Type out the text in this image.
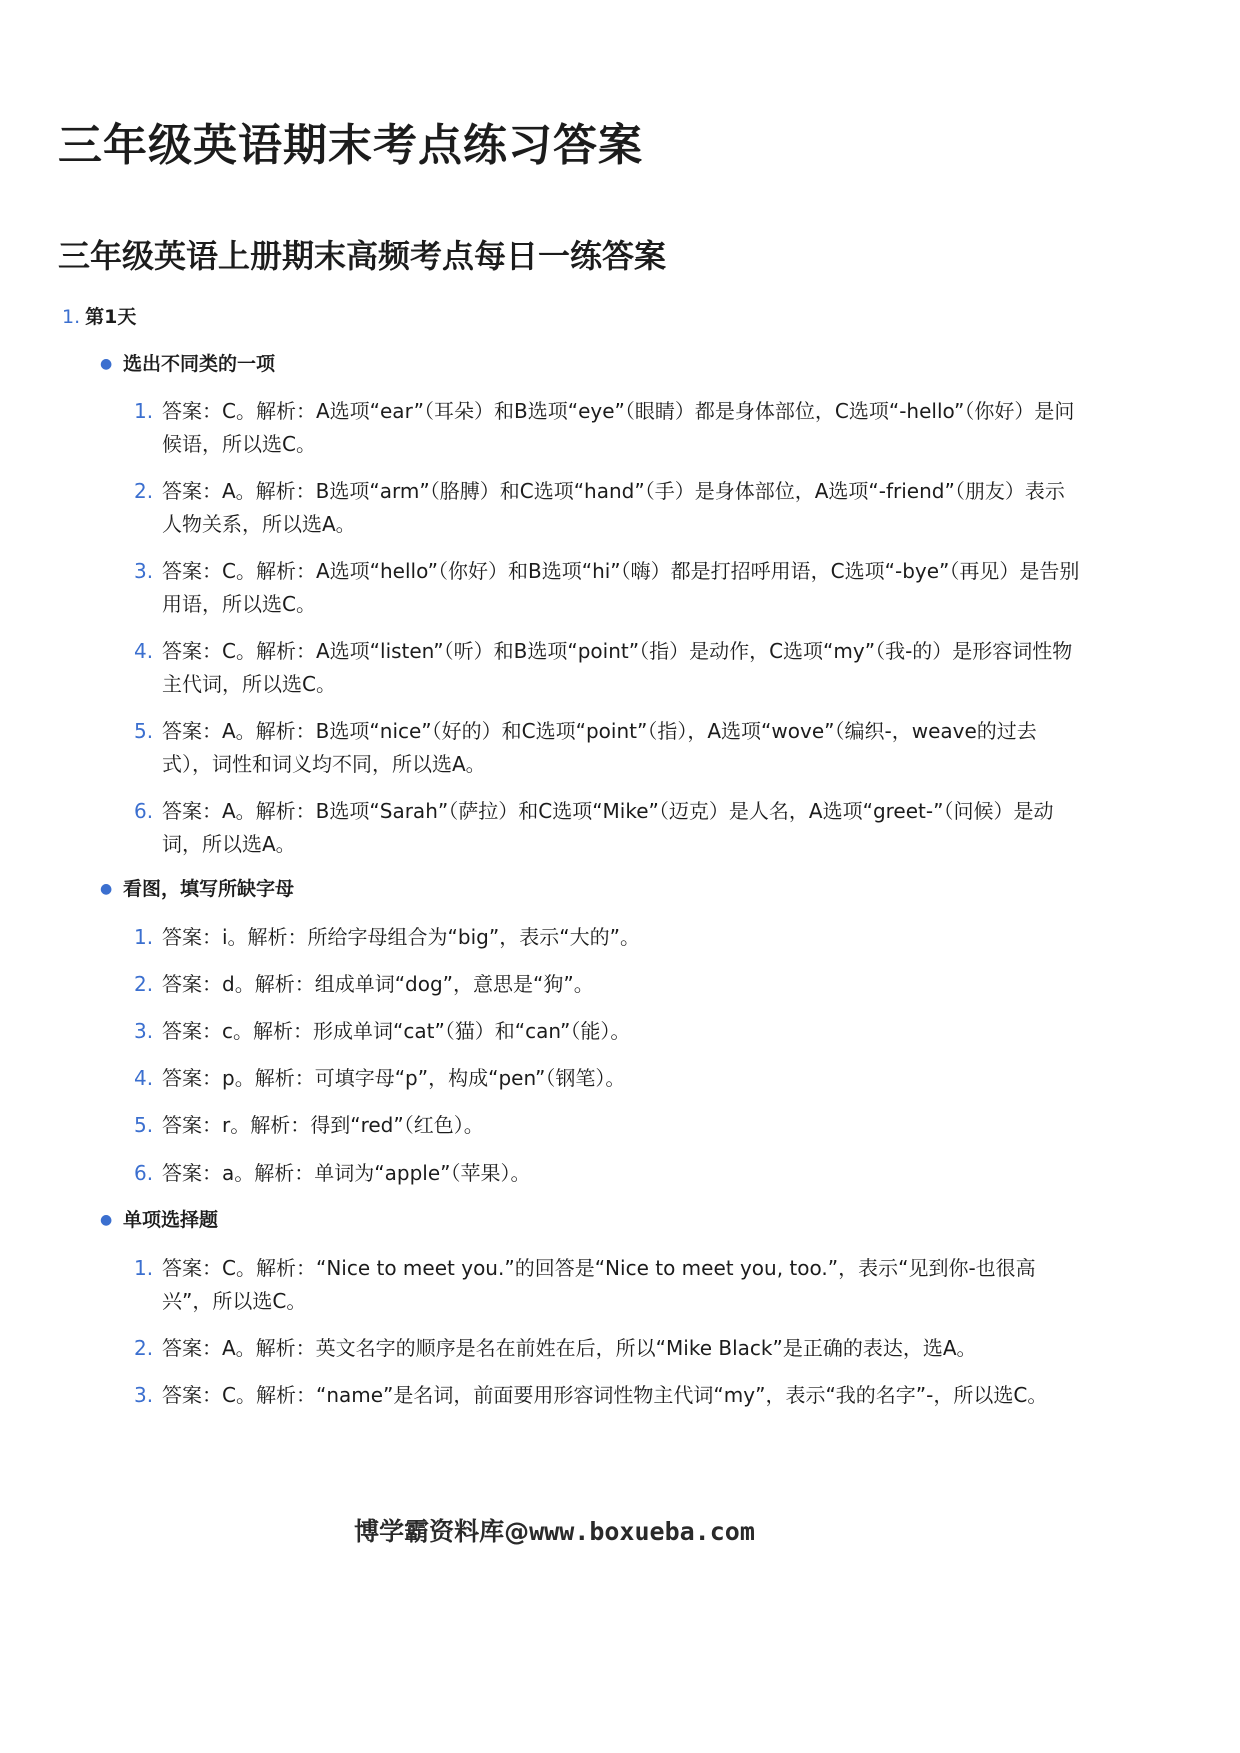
三年级英语期末考点练习答案
三年级英语上册期末高频考点每日一练答案
1. 第1天
● 选出不同类的一项
1. 答案：C。解析：A选项“ear”（耳朵）和B选项“eye”（眼睛）都是身体部位，C选项“-hello”（你好）是问候语，所以选C。
2. 答案：A。解析：B选项“arm”（胳膊）和C选项“hand”（手）是身体部位，A选项“-friend”（朋友）表示人物关系，所以选A。
3. 答案：C。解析：A选项“hello”（你好）和B选项“hi”（嗨）都是打招呼用语，C选项“-bye”（再见）是告别用语，所以选C。
4. 答案：C。解析：A选项“listen”（听）和B选项“point”（指）是动作，C选项“my”（我-的）是形容词性物主代词，所以选C。
5. 答案：A。解析：B选项“nice”（好的）和C选项“point”（指），A选项“wove”（编织-，weave的过去式），词性和词义均不同，所以选A。
6. 答案：A。解析：B选项“Sarah”（萨拉）和C选项“Mike”（迈克）是人名，A选项“greet-”（问候）是动词，所以选A。
● 看图，填写所缺字母
1. 答案：i。解析：所给字母组合为“big”，表示“大的”。
2. 答案：d。解析：组成单词“dog”，意思是“狗”。
3. 答案：c。解析：形成单词“cat”（猫）和“can”（能）。
4. 答案：p。解析：可填字母“p”，构成“pen”（钢笔）。
5. 答案：r。解析：得到“red”（红色）。
6. 答案：a。解析：单词为“apple”（苹果）。
● 单项选择题
1. 答案：C。解析：“Nice to meet you.”的回答是“Nice to meet you, too.”，表示“见到你-也很高兴”，所以选C。
2. 答案：A。解析：英文名字的顺序是名在前姓在后，所以“Mike Black”是正确的表达，选A。
3. 答案：C。解析：“name”是名词，前面要用形容词性物主代词“my”，表示“我的名字”-，所以选C。
博学霸资料库@www.boxueba.com
